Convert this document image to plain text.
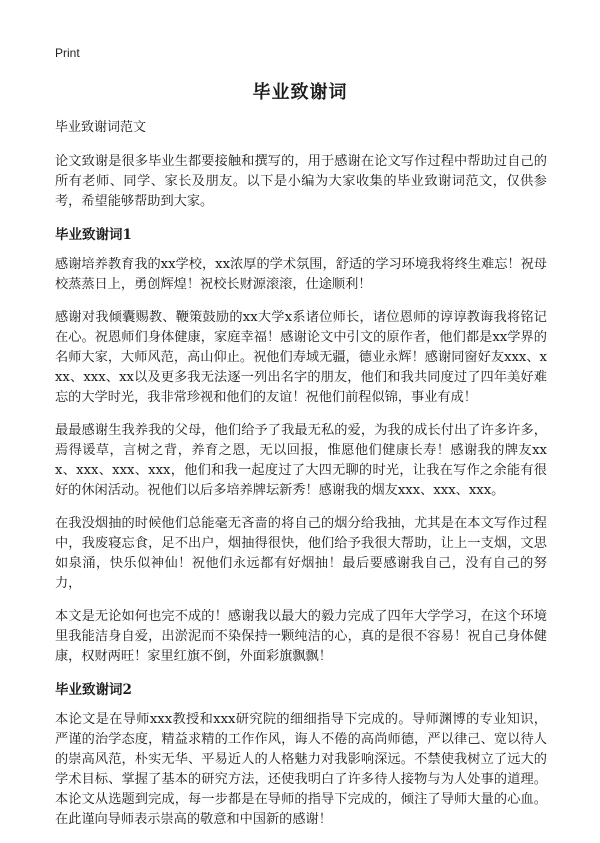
Print
毕业致谢词

毕业致谢词范文

论文致谢是很多毕业生都要接触和撰写的，用于感谢在论文写作过程中帮助过自己的所有老师、同学、家长及朋友。以下是小编为大家收集的毕业致谢词范文，仅供参考，希望能够帮助到大家。

毕业致谢词1

感谢培养教育我的xx学校，xx浓厚的学术氛围，舒适的学习环境我将终生难忘！祝母校蒸蒸日上，勇创辉煌！祝校长财源滚滚，仕途顺利！

感谢对我倾囊赐教、鞭策鼓励的xx大学x系诸位师长，诸位恩师的谆谆教诲我将铭记在心。祝恩师们身体健康，家庭幸福！感谢论文中引文的原作者，他们都是xx学界的名师大家，大师风范，高山仰止。祝他们寿域无疆，德业永辉！感谢同窗好友xxx、xxx、xxx、xx以及更多我无法逐一列出名字的朋友，他们和我共同度过了四年美好难忘的大学时光，我非常珍视和他们的友谊！祝他们前程似锦，事业有成！

最最感谢生我养我的父母，他们给予了我最无私的爱，为我的成长付出了许多许多，焉得谖草，言树之背，养育之恩，无以回报，惟愿他们健康长寿！感谢我的牌友xxx、xxx、xxx、xxx，他们和我一起度过了大四无聊的时光，让我在写作之余能有很好的休闲活动。祝他们以后多培养牌坛新秀！感谢我的烟友xxx、xxx、xxx。

在我没烟抽的时候他们总能毫无吝啬的将自己的烟分给我抽，尤其是在本文写作过程中，我废寝忘食，足不出户，烟抽得很快，他们给予我很大帮助，让上一支烟，文思如泉涌，快乐似神仙！祝他们永远都有好烟抽！最后要感谢我自己，没有自己的努力，

本文是无论如何也完不成的！感谢我以最大的毅力完成了四年大学学习，在这个环境里我能洁身自爱，出淤泥而不染保持一颗纯洁的心，真的是很不容易！祝自己身体健康，权财两旺！家里红旗不倒，外面彩旗飘飘！

毕业致谢词2

本论文是在导师xxx教授和xxx研究院的细细指导下完成的。导师渊博的专业知识，严谨的治学态度，精益求精的工作作风，诲人不倦的高尚师德，严以律己、宽以待人的崇高风范，朴实无华、平易近人的人格魅力对我影响深远。不禁使我树立了远大的学术目标、掌握了基本的研究方法，还使我明白了许多待人接物与为人处事的道理。本论文从选题到完成，每一步都是在导师的指导下完成的，倾注了导师大量的心血。在此谨向导师表示崇高的敬意和中国新的感谢！
